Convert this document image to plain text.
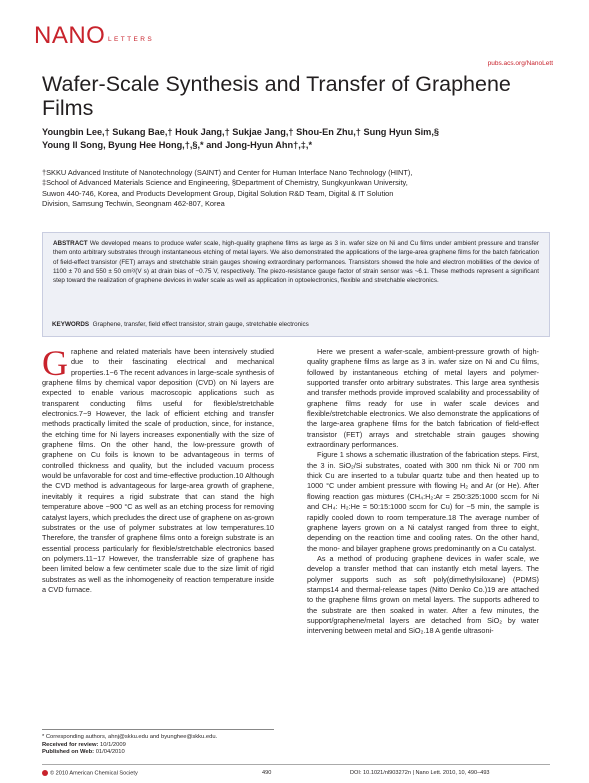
NANO LETTERS
pubs.acs.org/NanoLett
Wafer-Scale Synthesis and Transfer of Graphene Films
Youngbin Lee,† Sukang Bae,† Houk Jang,† Sukjae Jang,† Shou-En Zhu,† Sung Hyun Sim,§
Young Il Song, Byung Hee Hong,†,§,* and Jong-Hyun Ahn†,‡,*

†SKKU Advanced Institute of Nanotechnology (SAINT) and Center for Human Interface Nano Technology (HINT),

‡School of Advanced Materials Science and Engineering, §Department of Chemistry, Sungkyunkwan University,

Suwon 440-746, Korea, and Products Development Group, Digital Solution R&D Team, Digital & IT Solution

Division, Samsung Techwin, Seongnam 462-807, Korea

ABSTRACT We developed means to produce wafer scale, high-quality graphene films as large as 3 in. wafer size on Ni and Cu films under ambient pressure and transfer them onto arbitrary substrates through instantaneous etching of metal layers. We also demonstrated the applications of the large-area graphene films for the batch fabrication of field-effect transistor (FET) arrays and stretchable strain gauges showing extraordinary performances. Transistors showed the hole and electron mobilities of the device of 1100 ± 70 and 550 ± 50 cm²/(V s) at drain bias of −0.75 V, respectively. The piezo-resistance gauge factor of strain sensor was ~6.1. These methods represent a significant step toward the realization of graphene devices in wafer scale as well as application in optoelectronics, flexible and stretchable electronics.
KEYWORDS Graphene, transfer, field effect transistor, strain gauge, stretchable electronics

Graphene and related materials have been intensively studied due to their fascinating electrical and mechanical properties.1−6 The recent advances in large-scale synthesis of graphene films by chemical vapor deposition (CVD) on Ni layers are expected to enable various macroscopic applications such as transparent conducting films useful for flexible/stretchable electronics.7−9 However, the lack of efficient etching and transfer methods practically limited the scale of production, since, for instance, the etching time for Ni layers increases exponentially with the size of graphene films. On the other hand, the low-pressure growth of graphene on Cu foils is known to be advantageous in terms of controlled thickness and quality, but the included vacuum process would be unfavorable for cost and time-effective production.10 Although the CVD method is advantageous for large-area growth of graphene, inevitably it requires a rigid substrate that can stand the high temperature above ~900 °C as well as an etching process for removing catalyst layers, which precludes the direct use of graphene on as-grown substrates or the use of polymer substrates at low temperatures.10 Therefore, the transfer of graphene films onto a foreign substrate is an essential process particularly for flexible/stretchable electronics based on polymers.11−17 However, the transferrable size of graphene has been limited below a few centimeter scale due to the size limit of rigid substrates as well as the inhomogeneity of reaction temperature inside a CVD furnace.

Here we present a wafer-scale, ambient-pressure growth of high-quality graphene films as large as 3 in. wafer size on Ni and Cu films, followed by instantaneous etching of metal layers and polymer-supported transfer onto arbitrary substrates. This large area synthesis and transfer methods provide improved scalability and processability of graphene films ready for use in wafer scale devices and flexible/stretchable electronics. We also demonstrate the applications of the large-area graphene films for the batch fabrication of field-effect transistor (FET) arrays and stretchable strain gauges showing extraordinary performances.

Figure 1 shows a schematic illustration of the fabrication steps. First, the 3 in. SiO₂/Si substrates, coated with 300 nm thick Ni or 700 nm thick Cu are inserted to a tubular quartz tube and then heated up to 1000 °C under ambient pressure with flowing H₂ and Ar (or He). After flowing reaction gas mixtures (CH₄:H₂:Ar = 250:325:1000 sccm for Ni and CH₄: H₂:He = 50:15:1000 sccm for Cu) for ~5 min, the sample is rapidly cooled down to room temperature.18 The average number of graphene layers grown on a Ni catalyst ranged from three to eight, depending on the reaction time and cooling rates. On the other hand, the mono- and bilayer graphene grows predominantly on a Cu catalyst.

As a method of producing graphene devices in wafer scale, we develop a transfer method that can instantly etch metal layers. The polymer supports such as soft poly(dimethylsiloxane) (PDMS) stamps14 and thermal-release tapes (Nitto Denko Co.)19 are attached to the graphene films grown on metal layers. The supports adhered to the substrate are then soaked in water. After a few minutes, the support/graphene/metal layers are detached from SiO₂ by water intervening between metal and SiO₂.18 A gentle ultrasoni-

* Corresponding authors, ahnj@skku.edu and byunghee@skku.edu.

Received for review: 10/1/2009

Published on Web: 01/04/2010

© 2010 American Chemical Society	490	DOI: 10.1021/nl903272n | Nano Lett. 2010, 10, 490–493
